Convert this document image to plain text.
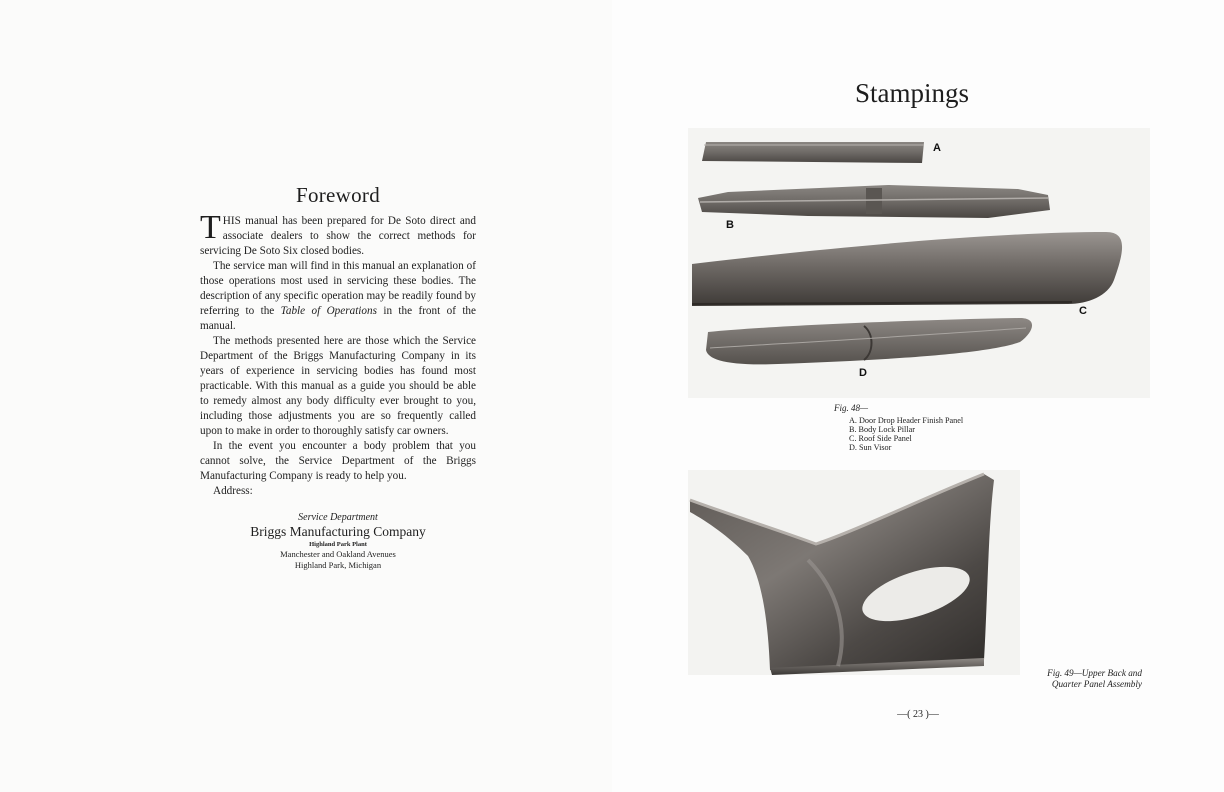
Foreword

THIS manual has been prepared for De Soto direct and associate dealers to show the correct methods for servicing De Soto Six closed bodies.

The service man will find in this manual an explanation of those operations most used in servicing these bodies. The description of any specific operation may be readily found by referring to the Table of Operations in the front of the manual.

The methods presented here are those which the Service Department of the Briggs Manufacturing Company in its years of experience in servicing bodies has found most practicable. With this manual as a guide you should be able to remedy almost any body difficulty ever brought to you, including those adjustments you are so frequently called upon to make in order to thoroughly satisfy car owners.

In the event you encounter a body problem that you cannot solve, the Service Department of the Briggs Manufacturing Company is ready to help you.

Address:

Service Department
Briggs Manufacturing Company
Highland Park Plant
Manchester and Oakland Avenues
Highland Park, Michigan
Stampings
A
B
C
D
Fig. 48—
A. Door Drop Header Finish Panel
B. Body Lock Pillar
C. Roof Side Panel
D. Sun Visor
Fig. 49—Upper Back and
Quarter Panel Assembly
—( 23 )—
